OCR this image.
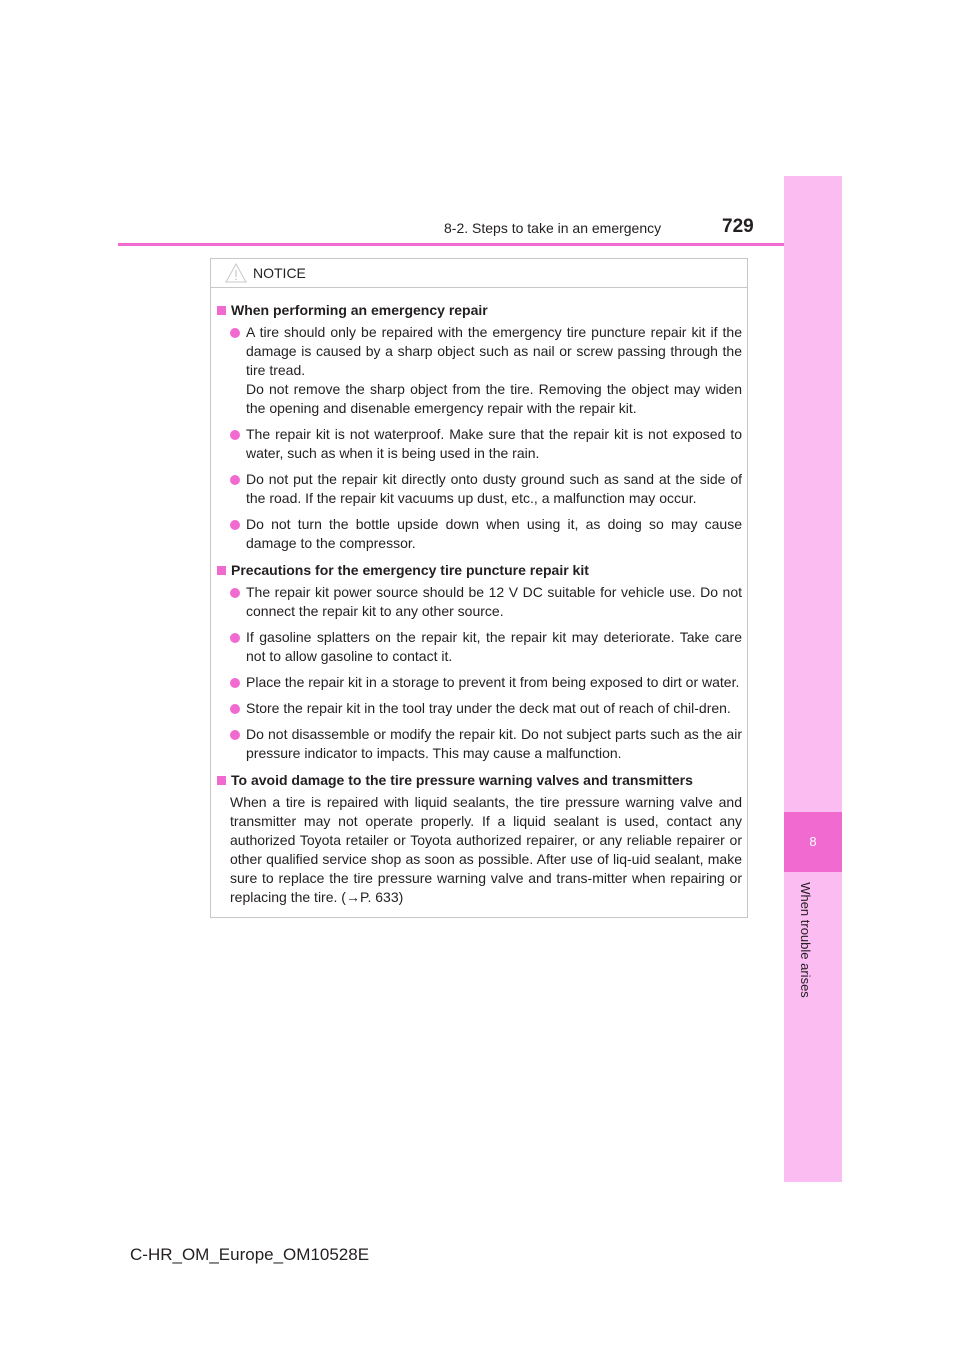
8-2. Steps to take in an emergency	729
8
When trouble arises
NOTICE
When performing an emergency repair
A tire should only be repaired with the emergency tire puncture repair kit if the damage is caused by a sharp object such as nail or screw passing through the tire tread.
Do not remove the sharp object from the tire. Removing the object may widen the opening and disenable emergency repair with the repair kit.
The repair kit is not waterproof. Make sure that the repair kit is not exposed to water, such as when it is being used in the rain.
Do not put the repair kit directly onto dusty ground such as sand at the side of the road. If the repair kit vacuums up dust, etc., a malfunction may occur.
Do not turn the bottle upside down when using it, as doing so may cause damage to the compressor.
Precautions for the emergency tire puncture repair kit
The repair kit power source should be 12 V DC suitable for vehicle use. Do not connect the repair kit to any other source.
If gasoline splatters on the repair kit, the repair kit may deteriorate. Take care not to allow gasoline to contact it.
Place the repair kit in a storage to prevent it from being exposed to dirt or water.
Store the repair kit in the tool tray under the deck mat out of reach of chil-dren.
Do not disassemble or modify the repair kit. Do not subject parts such as the air pressure indicator to impacts. This may cause a malfunction.
To avoid damage to the tire pressure warning valves and transmitters
When a tire is repaired with liquid sealants, the tire pressure warning valve and transmitter may not operate properly. If a liquid sealant is used, contact any authorized Toyota retailer or Toyota authorized repairer, or any reliable repairer or other qualified service shop as soon as possible. After use of liq-uid sealant, make sure to replace the tire pressure warning valve and trans-mitter when repairing or replacing the tire. (→P. 633)
C-HR_OM_Europe_OM10528E
